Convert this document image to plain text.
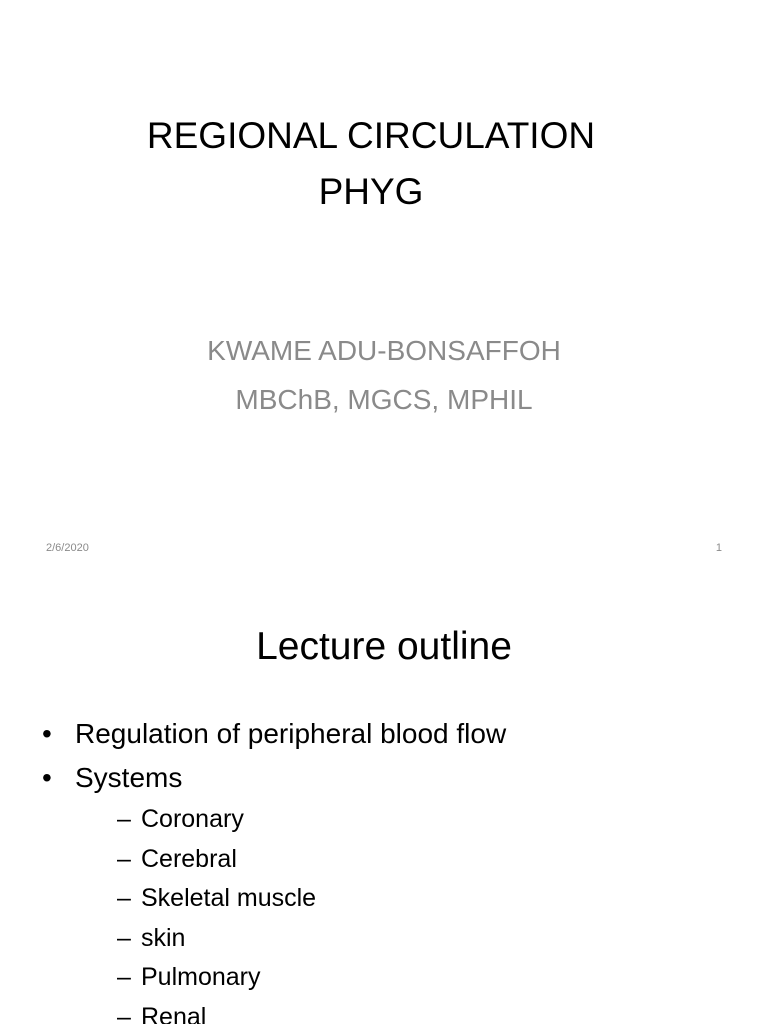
REGIONAL CIRCULATION
PHYG
KWAME ADU-BONSAFFOH
MBChB, MGCS, MPHIL
2/6/2020	1
Lecture outline
• Regulation of peripheral blood flow
• Systems
– Coronary
– Cerebral
– Skeletal muscle
– skin
– Pulmonary
– Renal
